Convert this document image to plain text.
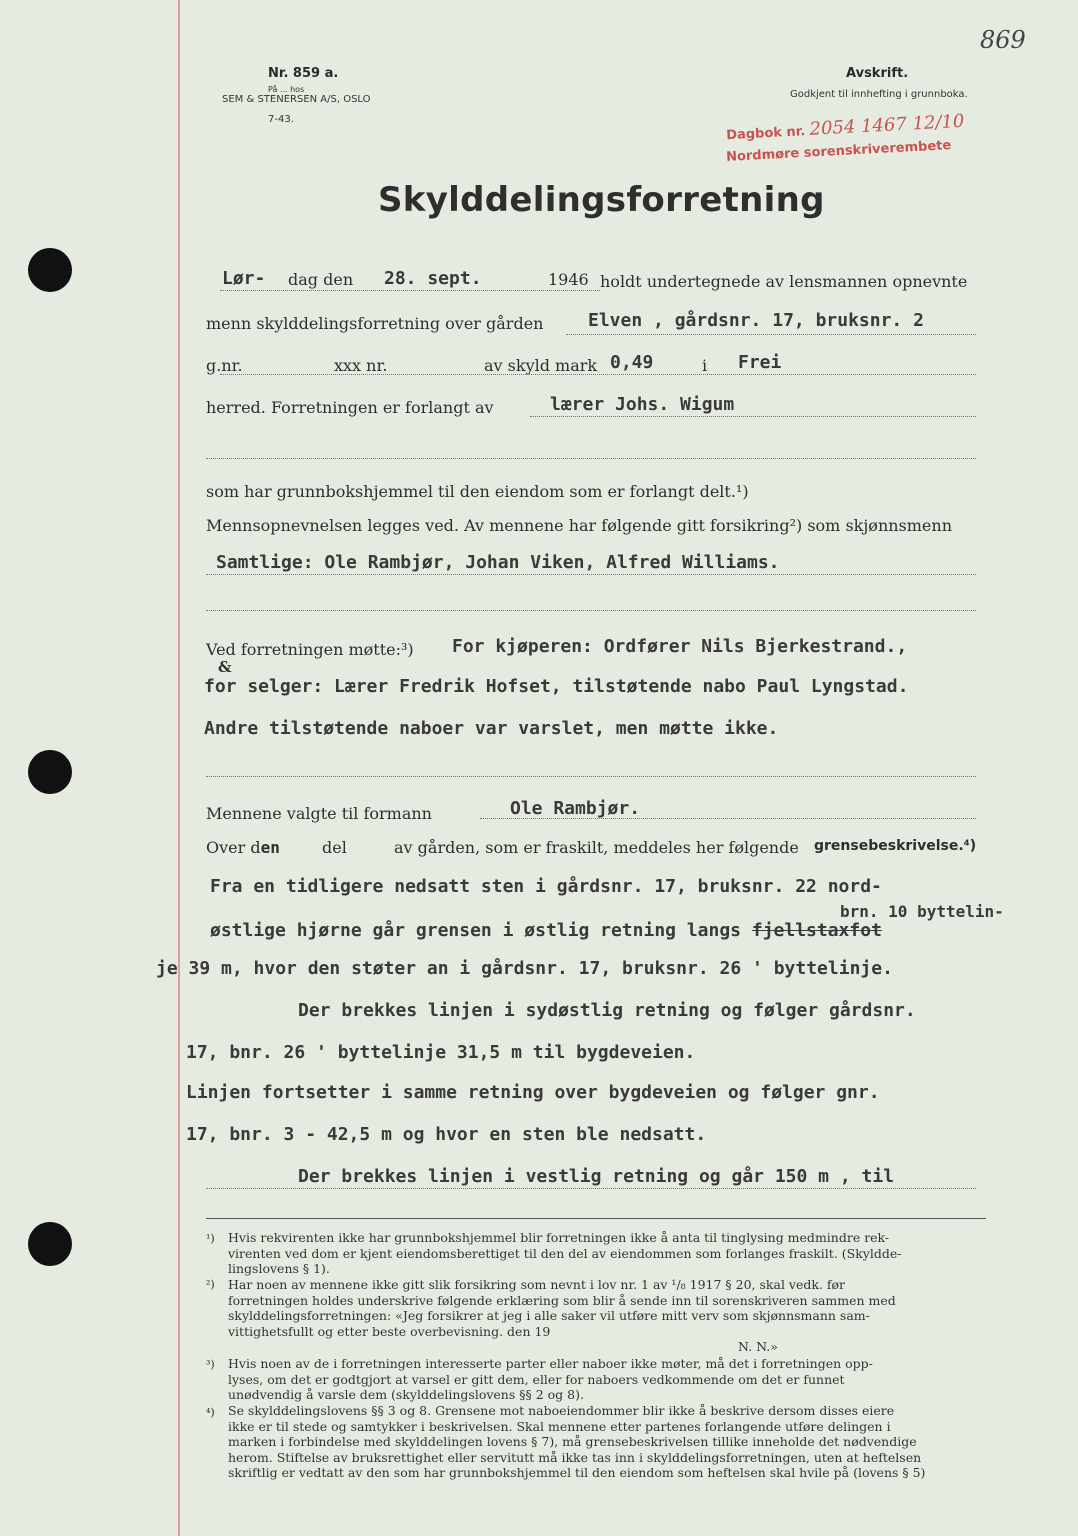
869
Nr. 859 a.
På ... hos
SEM & STENERSEN A/S, OSLO
7-43.
Avskrift.
Godkjent til innhefting i grunnboka.
Dagbok nr. 2054 1467 12/10
Nordmøre sorenskriverembete
Skylddelingsforretning
Lør- dag den 28. sept.	1946 holdt undertegnede av lensmannen opnevnte
menn skylddelingsforretning over gården Elven , gårdsnr. 17, bruksnr. 2
g.nr.	xxx nr.	av skyld mark 0,49	i Frei
herred. Forretningen er forlangt av	lærer Johs. Wigum
som har grunnbokshjemmel til den eiendom som er forlangt delt.¹)
Mennsopnevnelsen legges ved. Av mennene har følgende gitt forsikring²) som skjønnsmenn
Samtlige: Ole Rambjør, Johan Viken, Alfred Williams.
Ved forretningen møtte:³) For kjøperen: Ordfører Nils Bjerkestrand.,
&
for selger: Lærer Fredrik Hofset, tilstøtende nabo Paul Lyngstad.
Andre tilstøtende naboer var varslet, men møtte ikke.
Mennene valgte til formann	Ole Rambjør.
Over den	del	av gården, som er fraskilt, meddeles her følgende grensebeskrivelse.⁴)
Fra en tidligere nedsatt sten i gårdsnr. 17, bruksnr. 22 nord-
brn. 10 byttelin-
østlige hjørne går grensen i østlig retning langs fjellstaxfot
je 39 m, hvor den støter an i gårdsnr. 17, bruksnr. 26 ' byttelinje.
Der brekkes linjen i sydøstlig retning og følger gårdsnr.
17, bnr. 26 ' byttelinje 31,5 m til bygdeveien.
Linjen fortsetter i samme retning over bygdeveien og følger gnr.
17, bnr. 3 - 42,5 m og hvor en sten ble nedsatt.
Der brekkes linjen i vestlig retning og går 150 m , til
¹) Hvis rekvirenten ikke har grunnbokshjemmel blir forretningen ikke å anta til tinglysing medmindre rek-
virenten ved dom er kjent eiendomsberettiget til den del av eiendommen som forlanges fraskilt. (Skyldde-
lingslovens § 1).
²) Har noen av mennene ikke gitt slik forsikring som nevnt i lov nr. 1 av ¹/₈ 1917 § 20, skal vedk. før
forretningen holdes underskrive følgende erklæring som blir å sende inn til sorenskriveren sammen med
skylddelingsforretningen: «Jeg forsikrer at jeg i alle saker vil utføre mitt verv som skjønnsmann sam-
vittighetsfullt og etter beste overbevisning. den 19
N. N.»
³) Hvis noen av de i forretningen interesserte parter eller naboer ikke møter, må det i forretningen opp-
lyses, om det er godtgjort at varsel er gitt dem, eller for naboers vedkommende om det er funnet
unødvendig å varsle dem (skylddelingslovens §§ 2 og 8).
⁴) Se skylddelingslovens §§ 3 og 8. Grensene mot naboeiendommer blir ikke å beskrive dersom disses eiere
ikke er til stede og samtykker i beskrivelsen. Skal mennene etter partenes forlangende utføre delingen i
marken i forbindelse med skylddelingen lovens § 7), må grensebeskrivelsen tillike inneholde det nødvendige
herom. Stiftelse av bruksrettighet eller servitutt må ikke tas inn i skylddelingsforretningen, uten at heftelsen
skriftlig er vedtatt av den som har grunnbokshjemmel til den eiendom som heftelsen skal hvile på (lovens § 5)
